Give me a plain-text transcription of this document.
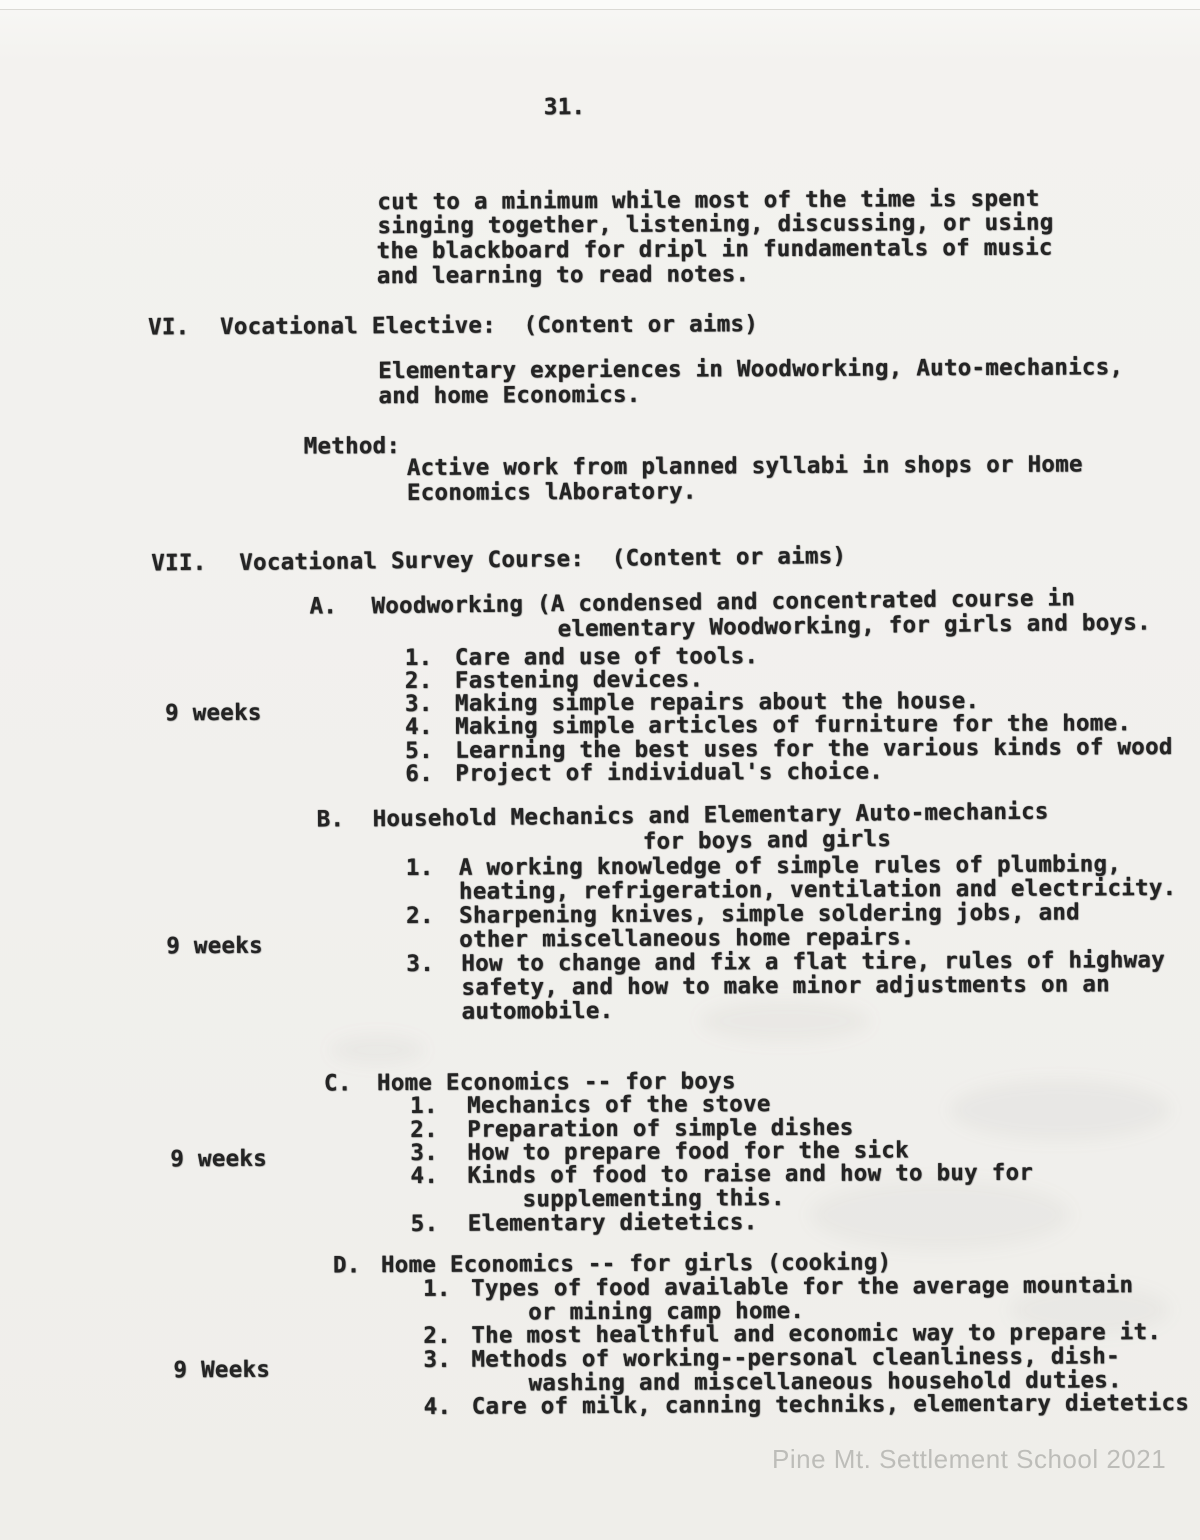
31.
cut to a minimum while most of the time is spent
singing together, listening, discussing, or using
the blackboard for dripl in fundamentals of music
and learning to read notes.
VI. Vocational Elective:  (Content or aims)
Elementary experiences in Woodworking, Auto-mechanics,
and home Economics.
Method:
Active work from planned syllabi in shops or Home
Economics lAboratory.
VII. Vocational Survey Course:  (Content or aims)
A. Woodworking (A condensed and concentrated course in
elementary Woodworking, for girls and boys.
9 weeks
1. Care and use of tools.
2. Fastening devices.
3. Making simple repairs about the house.
4. Making simple articles of furniture for the home.
5. Learning the best uses for the various kinds of wood
6. Project of individual's choice.
B. Household Mechanics and Elementary Auto-mechanics
for boys and girls
9 weeks
1. A working knowledge of simple rules of plumbing,
heating, refrigeration, ventilation and electricity.
2. Sharpening knives, simple soldering jobs, and
other miscellaneous home repairs.
3. How to change and fix a flat tire, rules of highway
safety, and how to make minor adjustments on an
automobile.
C. Home Economics -- for boys
9 weeks
1. Mechanics of the stove
2. Preparation of simple dishes
3. How to prepare food for the sick
4. Kinds of food to raise and how to buy for
supplementing this.
5. Elementary dietetics.
D. Home Economics -- for girls (cooking)
9 Weeks
1. Types of food available for the average mountain
or mining camp home.
2. The most healthful and economic way to prepare it.
3. Methods of working--personal cleanliness, dish-
washing and miscellaneous household duties.
4. Care of milk, canning techniks, elementary dietetics
Pine Mt. Settlement School 2021
